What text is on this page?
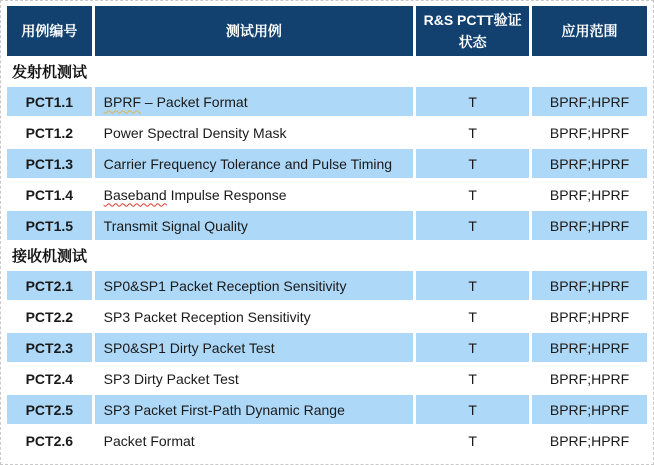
用例编号	测试用例	R&S PCTT验证状态	应用范围
发射机测试			
PCT1.1	BPRF – Packet Format	T	BPRF;HPRF
PCT1.2	Power Spectral Density Mask	T	BPRF;HPRF
PCT1.3	Carrier Frequency Tolerance and Pulse Timing	T	BPRF;HPRF
PCT1.4	Baseband Impulse Response	T	BPRF;HPRF
PCT1.5	Transmit Signal Quality	T	BPRF;HPRF
接收机测试			
PCT2.1	SP0&SP1 Packet Reception Sensitivity	T	BPRF;HPRF
PCT2.2	SP3 Packet Reception Sensitivity	T	BPRF;HPRF
PCT2.3	SP0&SP1 Dirty Packet Test	T	BPRF;HPRF
PCT2.4	SP3 Dirty Packet Test	T	BPRF;HPRF
PCT2.5	SP3 Packet First-Path Dynamic Range	T	BPRF;HPRF
PCT2.6	Packet Format	T	BPRF;HPRF
